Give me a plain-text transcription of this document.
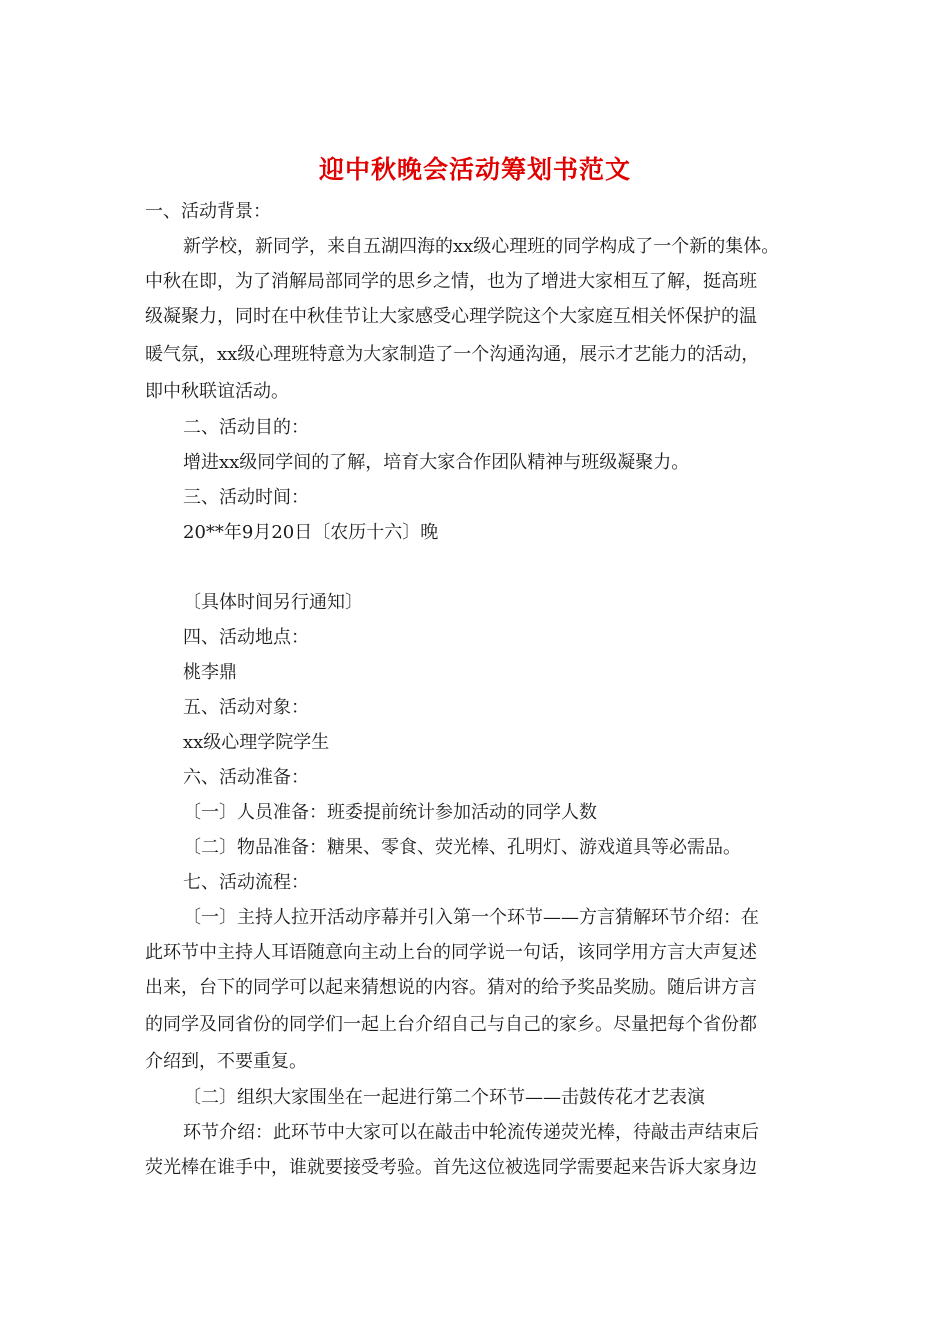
迎中秋晚会活动筹划书范文

一、活动背景：

新学校，新同学，来自五湖四海的xx级心理班的同学构成了一个新的集体。

中秋在即，为了消解局部同学的思乡之情，也为了增进大家相互了解，挺高班

级凝聚力，同时在中秋佳节让大家感受心理学院这个大家庭互相关怀保护的温

暖气氛，xx级心理班特意为大家制造了一个沟通沟通，展示才艺能力的活动，

即中秋联谊活动。

二、活动目的：

增进xx级同学间的了解，培育大家合作团队精神与班级凝聚力。

三、活动时间：

20**年9月20日〔农历十六〕晚

〔具体时间另行通知〕

四、活动地点：

桃李鼎

五、活动对象：

xx级心理学院学生

六、活动准备：

〔一〕人员准备：班委提前统计参加活动的同学人数

〔二〕物品准备：糖果、零食、荧光棒、孔明灯、游戏道具等必需品。

七、活动流程：

〔一〕主持人拉开活动序幕并引入第一个环节——方言猜解环节介绍：在

此环节中主持人耳语随意向主动上台的同学说一句话，该同学用方言大声复述

出来，台下的同学可以起来猜想说的内容。猜对的给予奖品奖励。随后讲方言

的同学及同省份的同学们一起上台介绍自己与自己的家乡。尽量把每个省份都

介绍到，不要重复。

〔二〕组织大家围坐在一起进行第二个环节——击鼓传花才艺表演

环节介绍：此环节中大家可以在敲击中轮流传递荧光棒，待敲击声结束后

荧光棒在谁手中，谁就要接受考验。首先这位被选同学需要起来告诉大家身边
